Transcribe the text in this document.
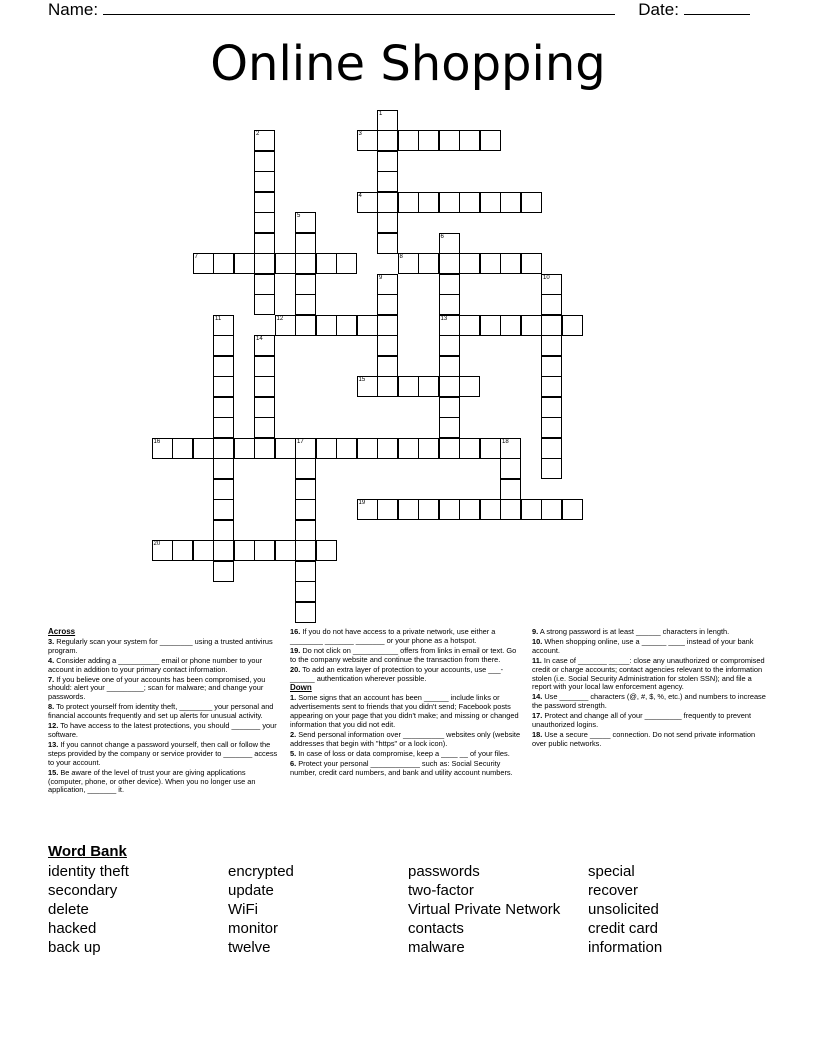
Name:	Date:
Online Shopping
1
2	3
4
5
6
13
7	8
9	10
11	12
14
15
16	17	18
19
20

Across

3. Regularly scan your system for ________ using a trusted antivirus program.

4. Consider adding a __________ email or phone number to your account in addition to your primary contact information.

7. If you believe one of your accounts has been compromised, you should: alert your _________; scan for malware; and change your passwords.

8. To protect yourself from identity theft, ________ your personal and financial accounts frequently and set up alerts for unusual activity.

12. To have access to the latest protections, you should _______ your software.

13. If you cannot change a password yourself, then call or follow the steps provided by the company or service provider to _______ access to your account.

15. Be aware of the level of trust your are giving applications (computer, phone, or other device). When you no longer use an application, _______ it.

16. If you do not have access to a private network, use either a ________ _______ _______ or your phone as a hotspot.

19. Do not click on ___________ offers from links in email or text. Go to the company website and continue the transaction from there.

20. To add an extra layer of protection to your accounts, use ___-______ authentication wherever possible.

Down

1. Some signs that an account has been ______ include links or advertisements sent to friends that you didn't send; Facebook posts appearing on your page that you didn't make; and missing or changed information that you did not edit.

2. Send personal information over __________ websites only (website addresses that begin with "https" or a lock icon).

5. In case of loss or data compromise, keep a ____ __ of your files.

6. Protect your personal ____________ such as: Social Security number, credit card numbers, and bank and utility account numbers.

9. A strong password is at least ______ characters in length.

10. When shopping online, use a ______ ____ instead of your bank account.

11. In case of _______ _____: close any unauthorized or compromised credit or charge accounts; contact agencies relevant to the information stolen (i.e. Social Security Administration for stolen SSN); and file a report with your local law enforcement agency.

14. Use _______ characters (@, #, $, %, etc.) and numbers to increase the password strength.

17. Protect and change all of your _________ frequently to prevent unauthorized logins.

18. Use a secure _____ connection. Do not send private information over public networks.

Word Bank
identity theft	encrypted	passwords	special
secondary	update	two-factor	recover
delete	WiFi	Virtual Private Network	unsolicited
hacked	monitor	contacts	credit card
back up	twelve	malware	information
